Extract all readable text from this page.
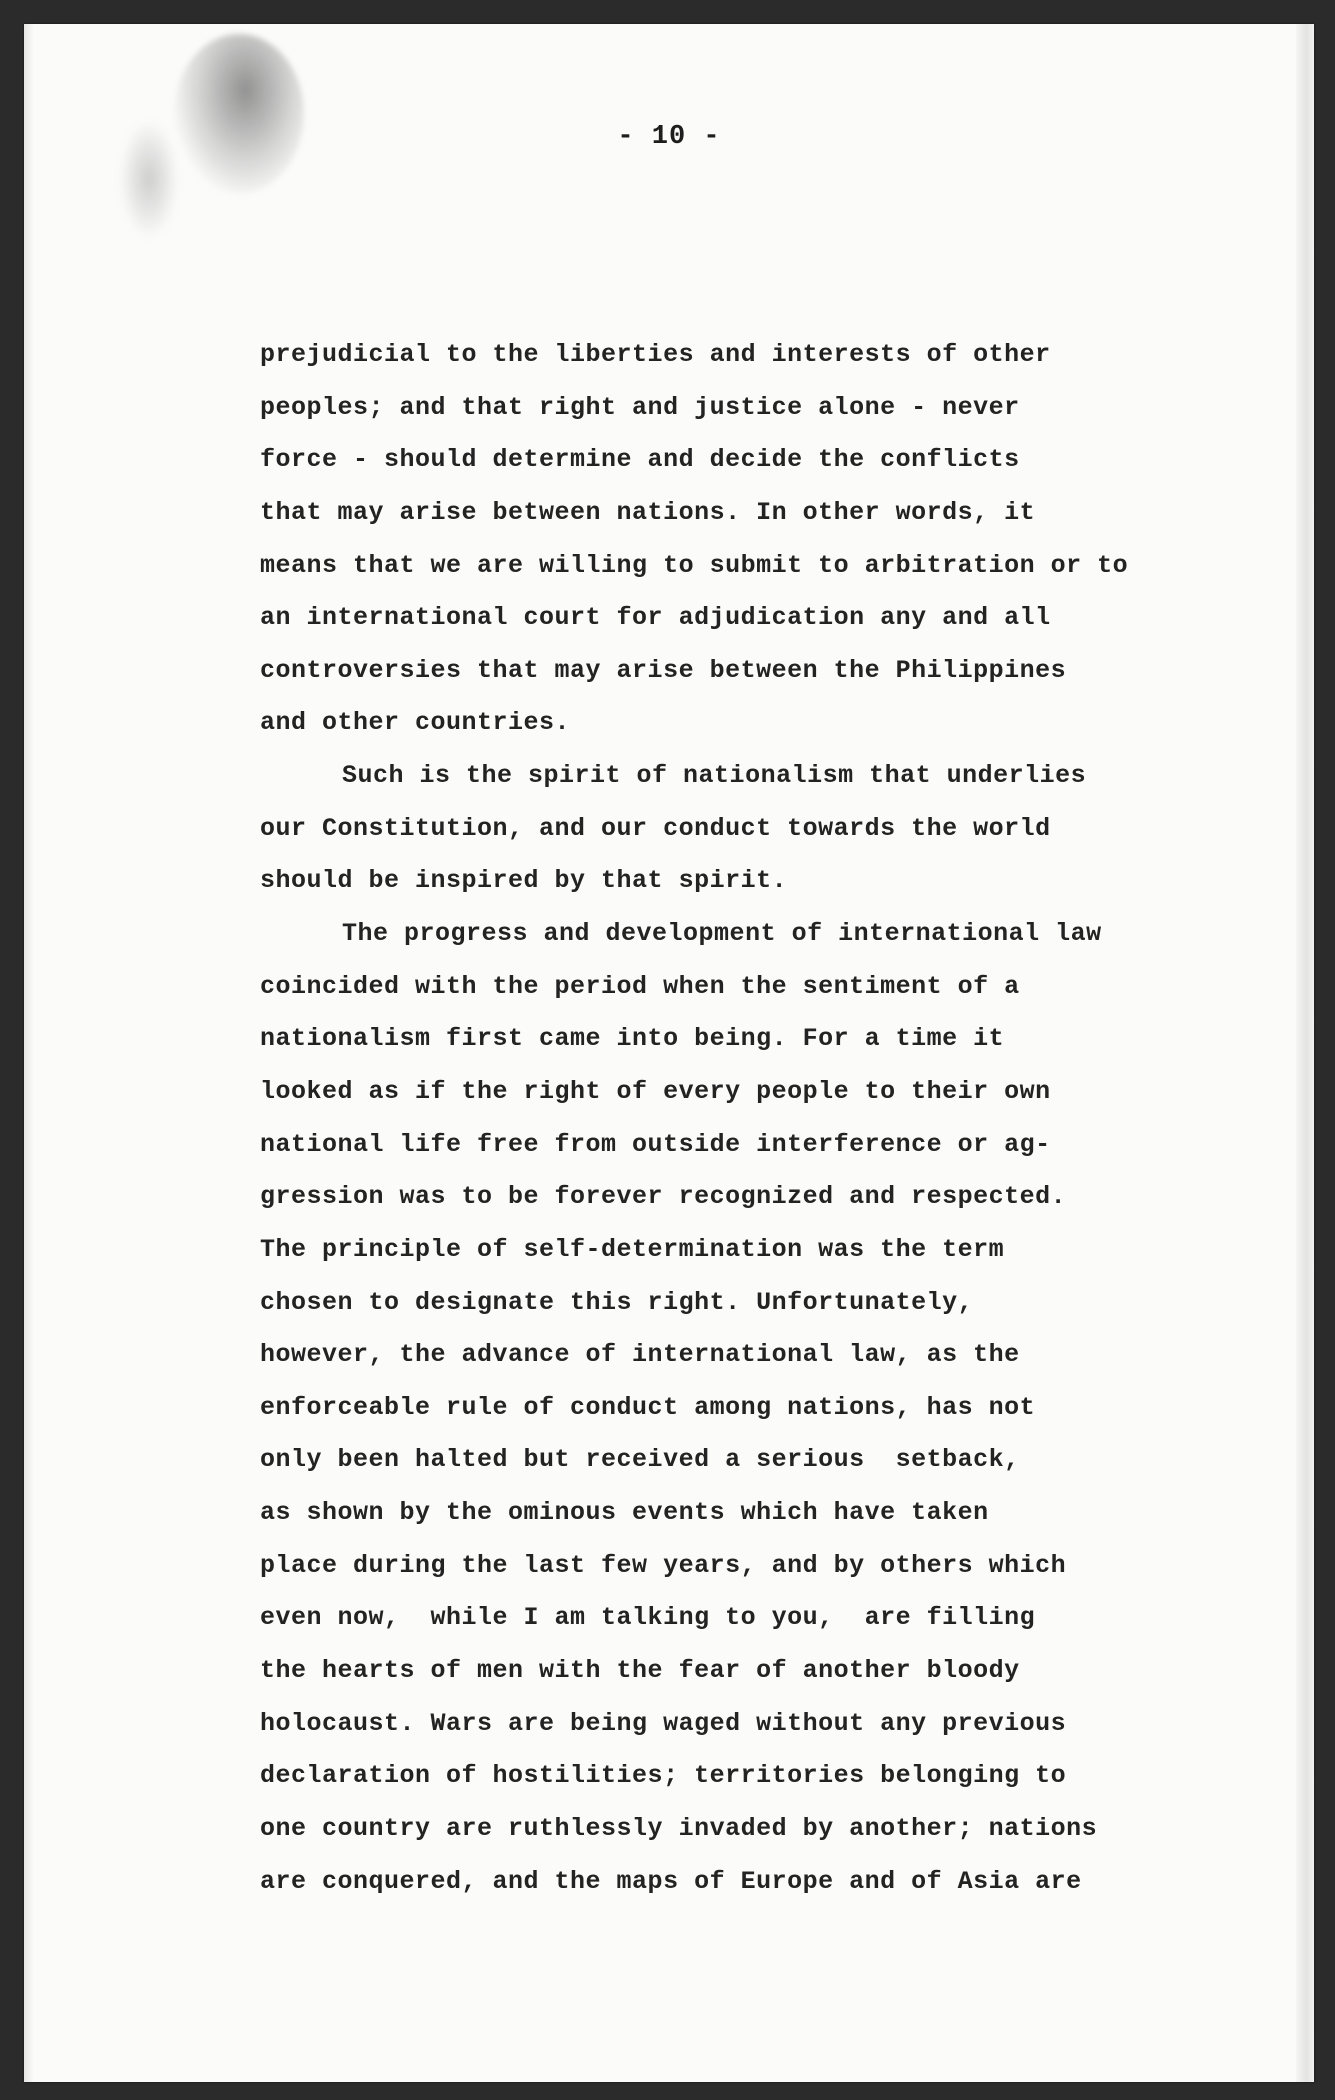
- 10 -
prejudicial to the liberties and interests of other
peoples; and that right and justice alone - never
force - should determine and decide the conflicts
that may arise between nations. In other words, it
means that we are willing to submit to arbitration or to
an international court for adjudication any and all
controversies that may arise between the Philippines
and other countries.
Such is the spirit of nationalism that underlies
our Constitution, and our conduct towards the world
should be inspired by that spirit.
The progress and development of international law
coincided with the period when the sentiment of a
nationalism first came into being. For a time it
looked as if the right of every people to their own
national life free from outside interference or ag-
gression was to be forever recognized and respected.
The principle of self-determination was the term
chosen to designate this right. Unfortunately,
however, the advance of international law, as the
enforceable rule of conduct among nations, has not
only been halted but received a serious  setback,
as shown by the ominous events which have taken
place during the last few years, and by others which
even now,  while I am talking to you,  are filling
the hearts of men with the fear of another bloody
holocaust. Wars are being waged without any previous
declaration of hostilities; territories belonging to
one country are ruthlessly invaded by another; nations
are conquered, and the maps of Europe and of Asia are
